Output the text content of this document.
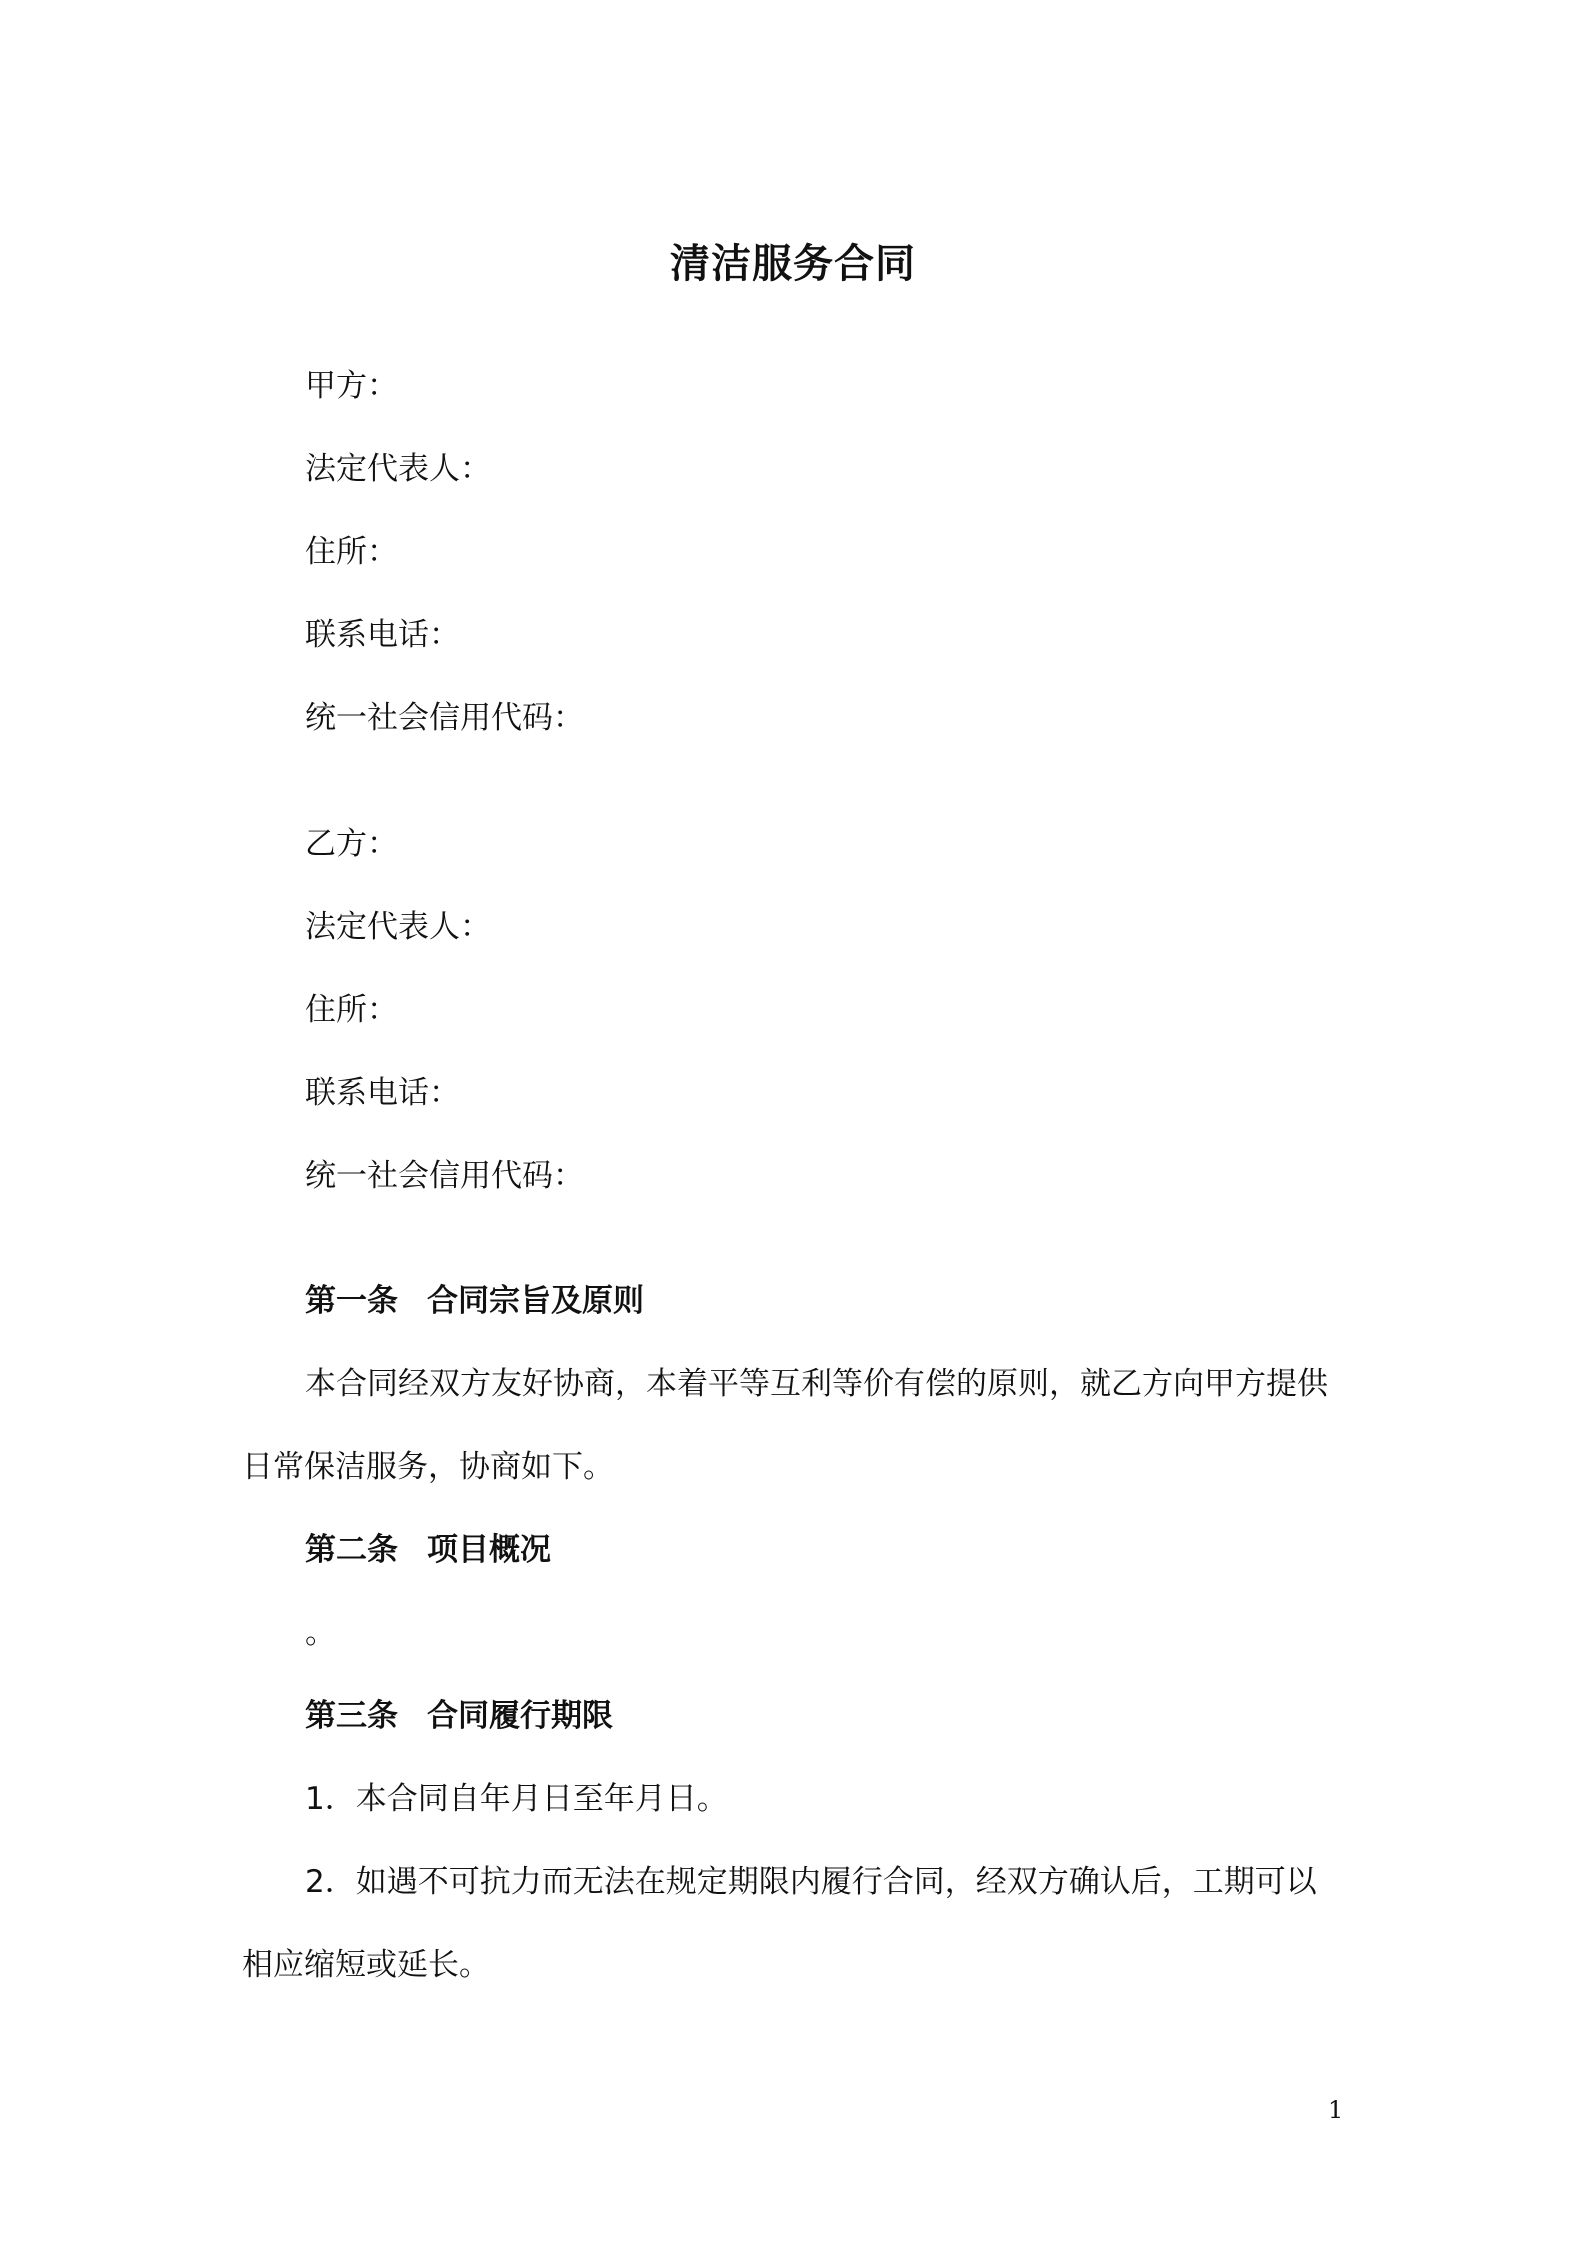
清洁服务合同
甲方：
法定代表人：
住所：
联系电话：
统一社会信用代码：
乙方：
法定代表人：
住所：
联系电话：
统一社会信用代码：
第一条 合同宗旨及原则
本合同经双方友好协商，本着平等互利等价有偿的原则，就乙方向甲方提供
日常保洁服务，协商如下。
第二条 项目概况
。
第三条 合同履行期限
1．本合同自年月日至年月日。
2．如遇不可抗力而无法在规定期限内履行合同，经双方确认后，工期可以
相应缩短或延长。
1
